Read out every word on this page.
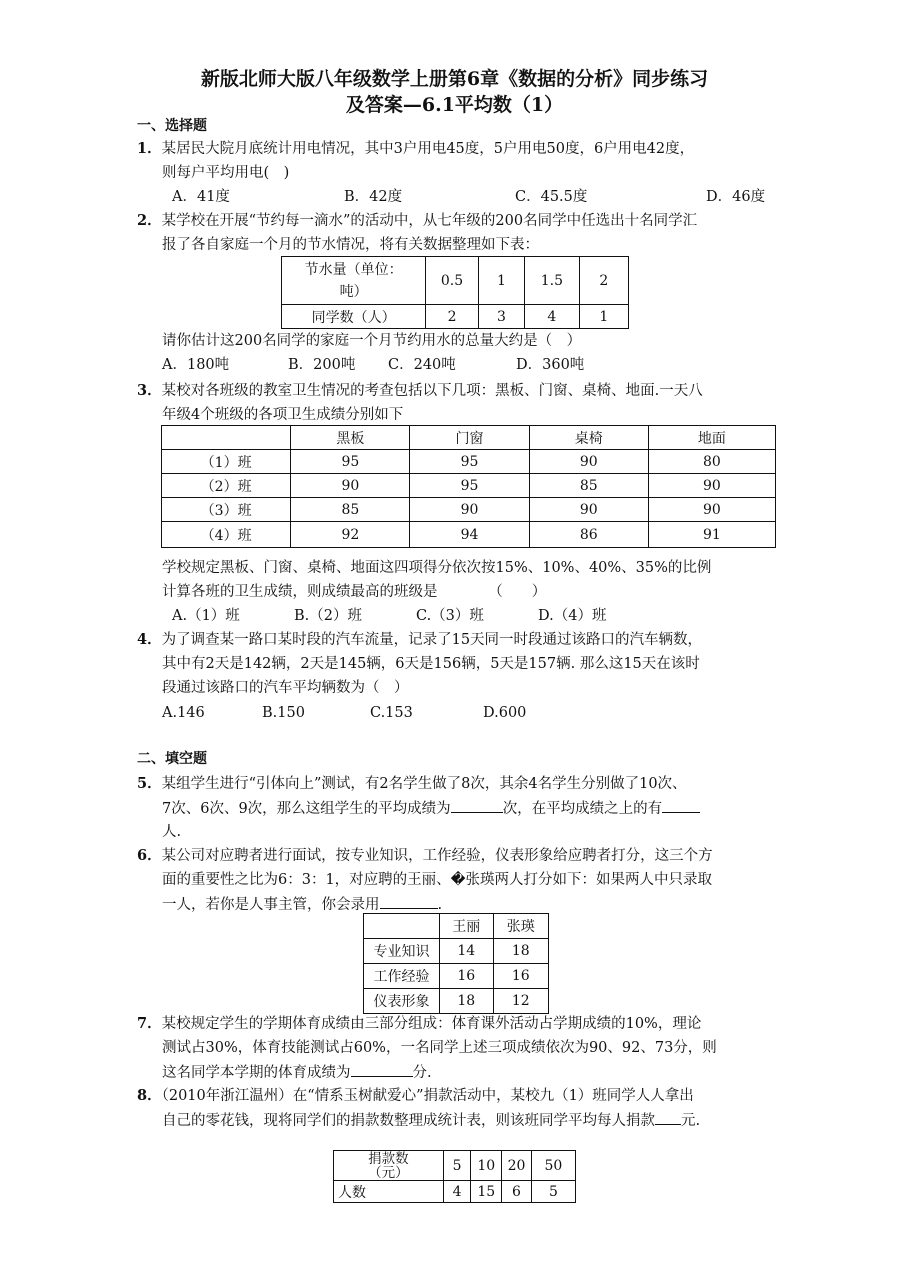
新版北师大版八年级数学上册第6章《数据的分析》同步练习
及答案—6.1平均数（1）
一、选择题
1．某居民大院月底统计用电情况，其中3户用电45度，5户用电50度，6户用电42度，
则每户平均用电(　)
A．41度	B．42度	C．45.5度	D．46度
2．某学校在开展“节约每一滴水”的活动中，从七年级的200名同学中任选出十名同学汇
报了各自家庭一个月的节水情况，将有关数据整理如下表：
节水量（单位：
吨）	0.5	1	1.5	2
同学数（人）	2	3	4	1
请你估计这200名同学的家庭一个月节约用水的总量大约是（　）
A．180吨	B．200吨 C．240吨	D．360吨
3．某校对各班级的教室卫生情况的考查包括以下几项：黑板、门窗、桌椅、地面.一天八
年级4个班级的各项卫生成绩分别如下
	黑板	门窗	桌椅	地面
（1）班	95	95	90	80
（2）班	90	95	85	90
（3）班	85	90	90	90
（4）班	92	94	86	91
学校规定黑板、门窗、桌椅、地面这四项得分依次按15%、10%、40%、35%的比例
计算各班的卫生成绩，则成绩最高的班级是　　　　（　　）
A.（1）班	B.（2）班	C.（3）班	D.（4）班
4．为了调查某一路口某时段的汽车流量，记录了15天同一时段通过该路口的汽车辆数，
其中有2天是142辆，2天是145辆，6天是156辆，5天是157辆. 那么这15天在该时
段通过该路口的汽车平均辆数为（　）
A.146	B.150	C.153	D.600
二、填空题
5．某组学生进行“引体向上”测试，有2名学生做了8次，其余4名学生分别做了10次、
7次、6次、9次，那么这组学生的平均成绩为	次，在平均成绩之上的有
人.
6．某公司对应聘者进行面试，按专业知识，工作经验，仪表形象给应聘者打分，这三个方
面的重要性之比为6：3：1，对应聘的王丽、�张瑛两人打分如下：如果两人中只录取
一人，若你是人事主管，你会录用	.
	王丽	张瑛
专业知识	14	18
工作经验	16	16
仪表形象	18	12
7．某校规定学生的学期体育成绩由三部分组成：体育课外活动占学期成绩的10%，理论
测试占30%，体育技能测试占60%，一名同学上述三项成绩依次为90、92、73分，则
这名同学本学期的体育成绩为	分.
8．（2010年浙江温州）在“情系玉树献爱心”捐款活动中，某校九（1）班同学人人拿出
自己的零花钱，现将同学们的捐款数整理成统计表，则该班同学平均每人捐款 元.
捐款数
（元）	5	10	20	50
人数	4	15	6	5
